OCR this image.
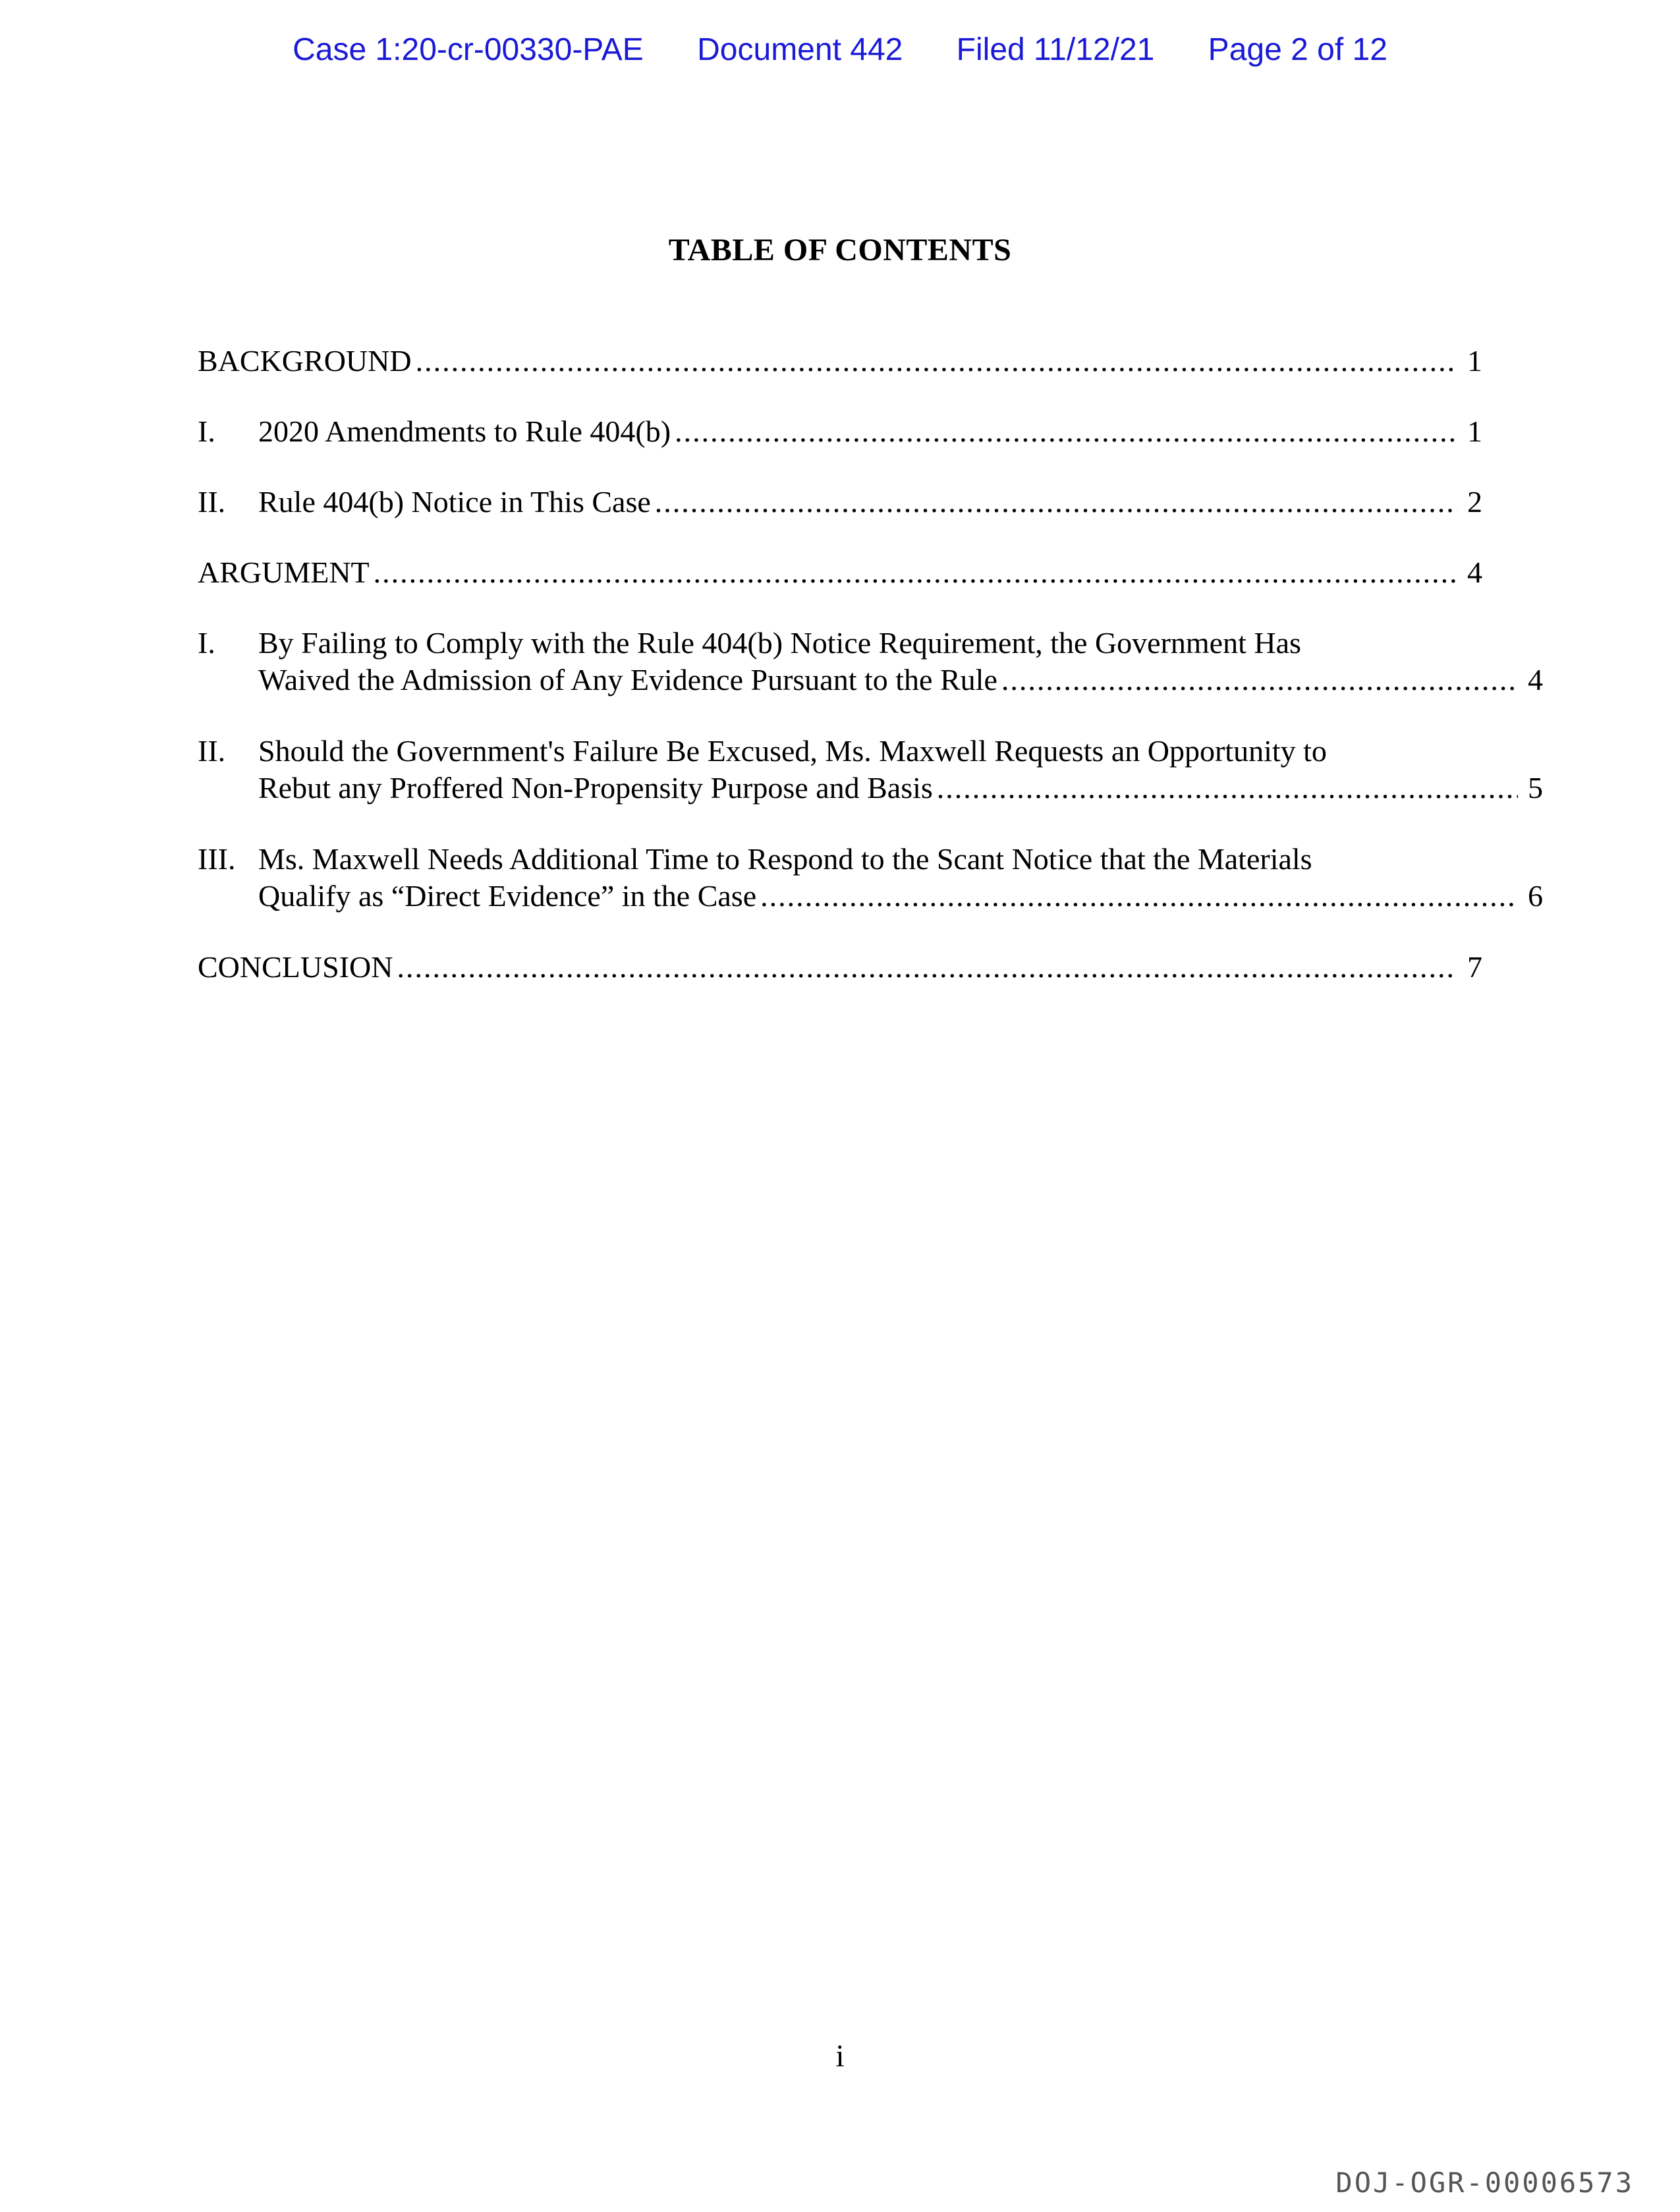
Case 1:20-cr-00330-PAE Document 442 Filed 11/12/21 Page 2 of 12
TABLE OF CONTENTS
BACKGROUND .....	1
I.	2020 Amendments to Rule 404(b) .....	1
II.	Rule 404(b) Notice in This Case .....	2
ARGUMENT .....	4
I.	By Failing to Comply with the Rule 404(b) Notice Requirement, the Government Has
Waived the Admission of Any Evidence Pursuant to the Rule .....	4
II.	Should the Government's Failure Be Excused, Ms. Maxwell Requests an Opportunity to
Rebut any Proffered Non-Propensity Purpose and Basis .....	5
III. Ms. Maxwell Needs Additional Time to Respond to the Scant Notice that the Materials
Qualify as “Direct Evidence” in the Case .....	6
CONCLUSION .....	7
i
DOJ-OGR-00006573
